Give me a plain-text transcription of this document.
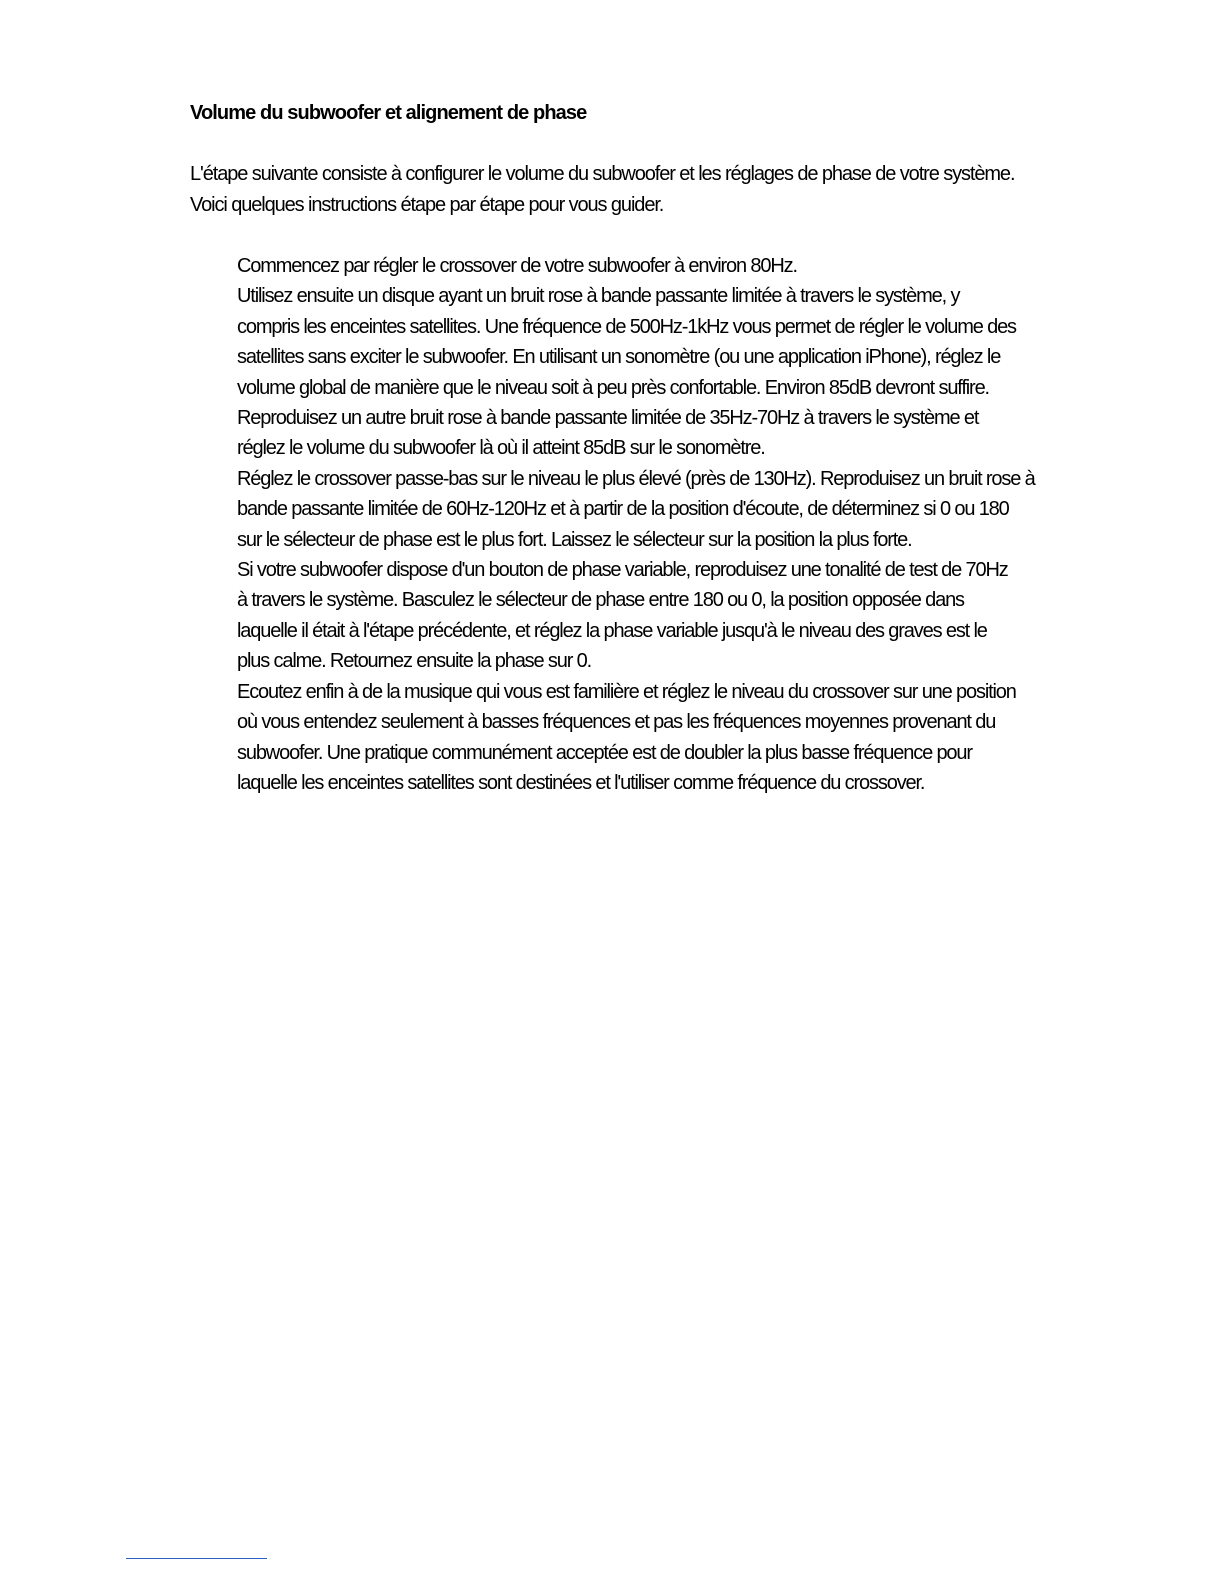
Volume du subwoofer et alignement de phase
L'étape suivante consiste à configurer le volume du subwoofer et les réglages de phase de votre système.
Voici quelques instructions étape par étape pour vous guider.
Commencez par régler le crossover de votre subwoofer à environ 80Hz.
Utilisez ensuite un disque ayant un bruit rose à bande passante limitée à travers le système, y
compris les enceintes satellites. Une fréquence de 500Hz-1kHz vous permet de régler le volume des
satellites sans exciter le subwoofer. En utilisant un sonomètre (ou une application iPhone), réglez le
volume global de manière que le niveau soit à peu près confortable. Environ 85dB devront suffire.
Reproduisez un autre bruit rose à bande passante limitée de 35Hz-70Hz à travers le système et
réglez le volume du subwoofer là où il atteint 85dB sur le sonomètre.
Réglez le crossover passe-bas sur le niveau le plus élevé (près de 130Hz). Reproduisez un bruit rose à
bande passante limitée de 60Hz-120Hz et à partir de la position d'écoute, de déterminez si 0 ou 180
sur le sélecteur de phase est le plus fort. Laissez le sélecteur sur la position la plus forte.
Si votre subwoofer dispose d'un bouton de phase variable, reproduisez une tonalité de test de 70Hz
à travers le système. Basculez le sélecteur de phase entre 180 ou 0, la position opposée dans
laquelle il était à l'étape précédente, et réglez la phase variable jusqu'à le niveau des graves est le
plus calme. Retournez ensuite la phase sur 0.
Ecoutez enfin à de la musique qui vous est familière et réglez le niveau du crossover sur une position
où vous entendez seulement à basses fréquences et pas les fréquences moyennes provenant du
subwoofer. Une pratique communément acceptée est de doubler la plus basse fréquence pour
laquelle les enceintes satellites sont destinées et l'utiliser comme fréquence du crossover.
